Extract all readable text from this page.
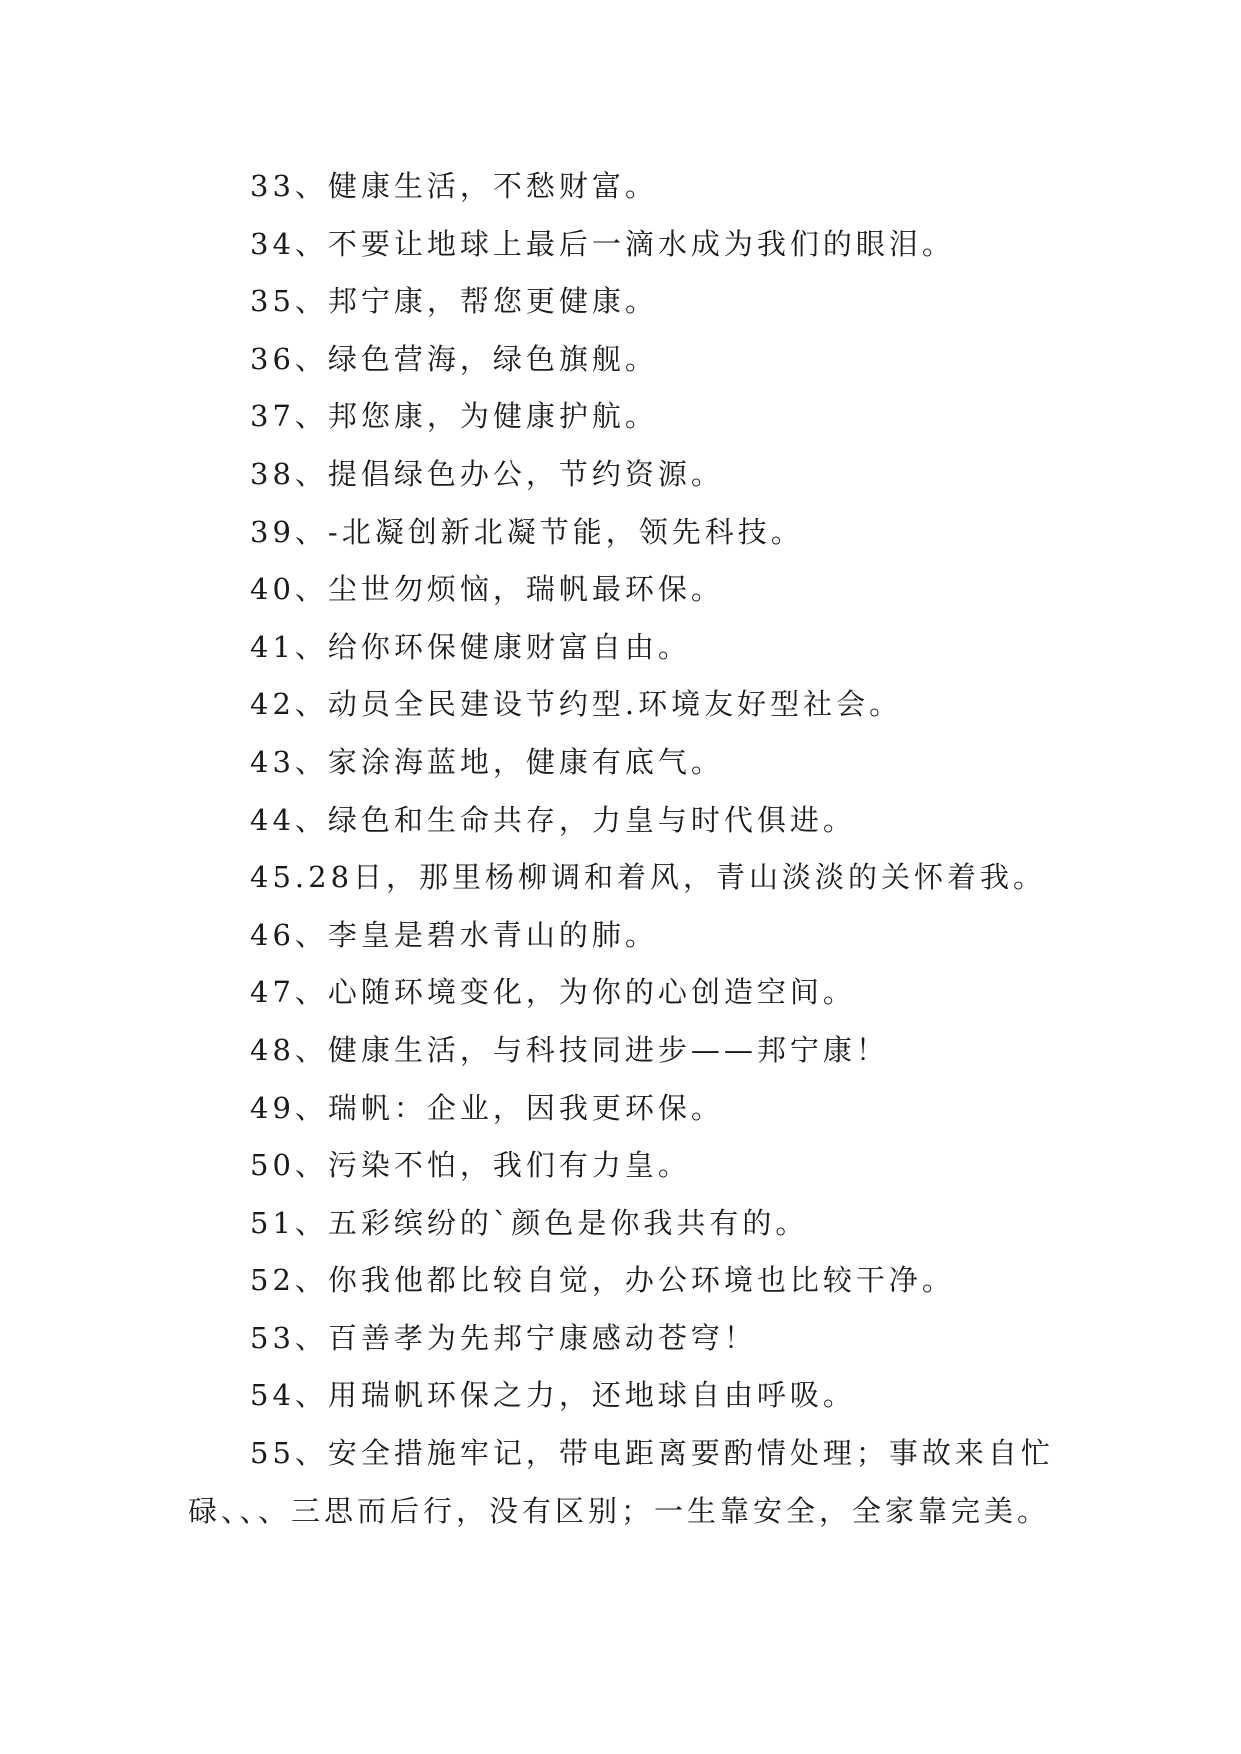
33、健康生活，不愁财富。
34、不要让地球上最后一滴水成为我们的眼泪。
35、邦宁康，帮您更健康。
36、绿色营海，绿色旗舰。
37、邦您康，为健康护航。
38、提倡绿色办公，节约资源。
39、-北凝创新北凝节能，领先科技。
40、尘世勿烦恼，瑞帆最环保。
41、给你环保健康财富自由。
42、动员全民建设节约型.环境友好型社会。
43、家涂海蓝地，健康有底气。
44、绿色和生命共存，力皇与时代俱进。
45.28日，那里杨柳调和着风，青山淡淡的关怀着我。
46、李皇是碧水青山的肺。
47、心随环境变化，为你的心创造空间。
48、健康生活，与科技同进步——邦宁康！
49、瑞帆：企业，因我更环保。
50、污染不怕，我们有力皇。
51、五彩缤纷的`颜色是你我共有的。
52、你我他都比较自觉，办公环境也比较干净。
53、百善孝为先邦宁康感动苍穹！
54、用瑞帆环保之力，还地球自由呼吸。
55、安全措施牢记，带电距离要酌情处理；事故来自忙
碌、、、三思而后行，没有区别；一生靠安全，全家靠完美。
